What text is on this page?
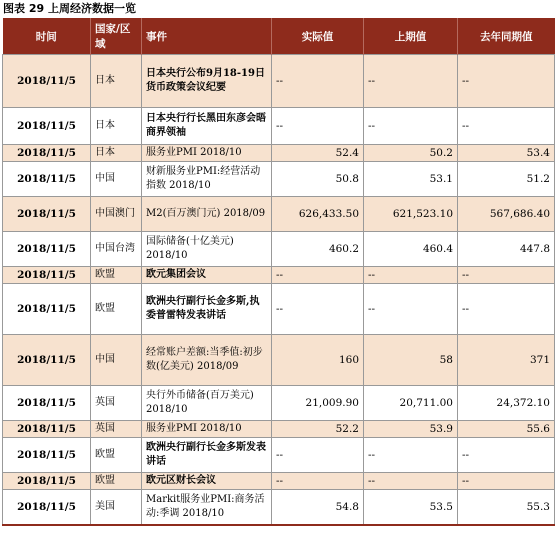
图表 29 上周经济数据一览
时间	国家/区域	事件	实际值	上期值	去年同期值
2018/11/5	日本	日本央行公布9月18-19日货币政策会议纪要	--	--	--
2018/11/5	日本	日本央行行长黑田东彦会晤商界领袖	--	--	--
2018/11/5	日本	服务业PMI 2018/10	52.4	50.2	53.4
2018/11/5	中国	财新服务业PMI:经营活动指数 2018/10	50.8	53.1	51.2
2018/11/5	中国澳门	M2(百万澳门元) 2018/09	626,433.50	621,523.10	567,686.40
2018/11/5	中国台湾	国际储备(十亿美元) 2018/10	460.2	460.4	447.8
2018/11/5	欧盟	欧元集团会议	--	--	--
2018/11/5	欧盟	欧洲央行副行长金多斯,执委普雷特发表讲话	--	--	--
2018/11/5	中国	经常账户差额:当季值:初步数(亿美元) 2018/09	160	58	371
2018/11/5	英国	央行外币储备(百万美元) 2018/10	21,009.90	20,711.00	24,372.10
2018/11/5	英国	服务业PMI 2018/10	52.2	53.9	55.6
2018/11/5	欧盟	欧洲央行副行长金多斯发表讲话	--	--	--
2018/11/5	欧盟	欧元区财长会议	--	--	--
2018/11/5	美国	Markit服务业PMI:商务活动:季调 2018/10	54.8	53.5	55.3
